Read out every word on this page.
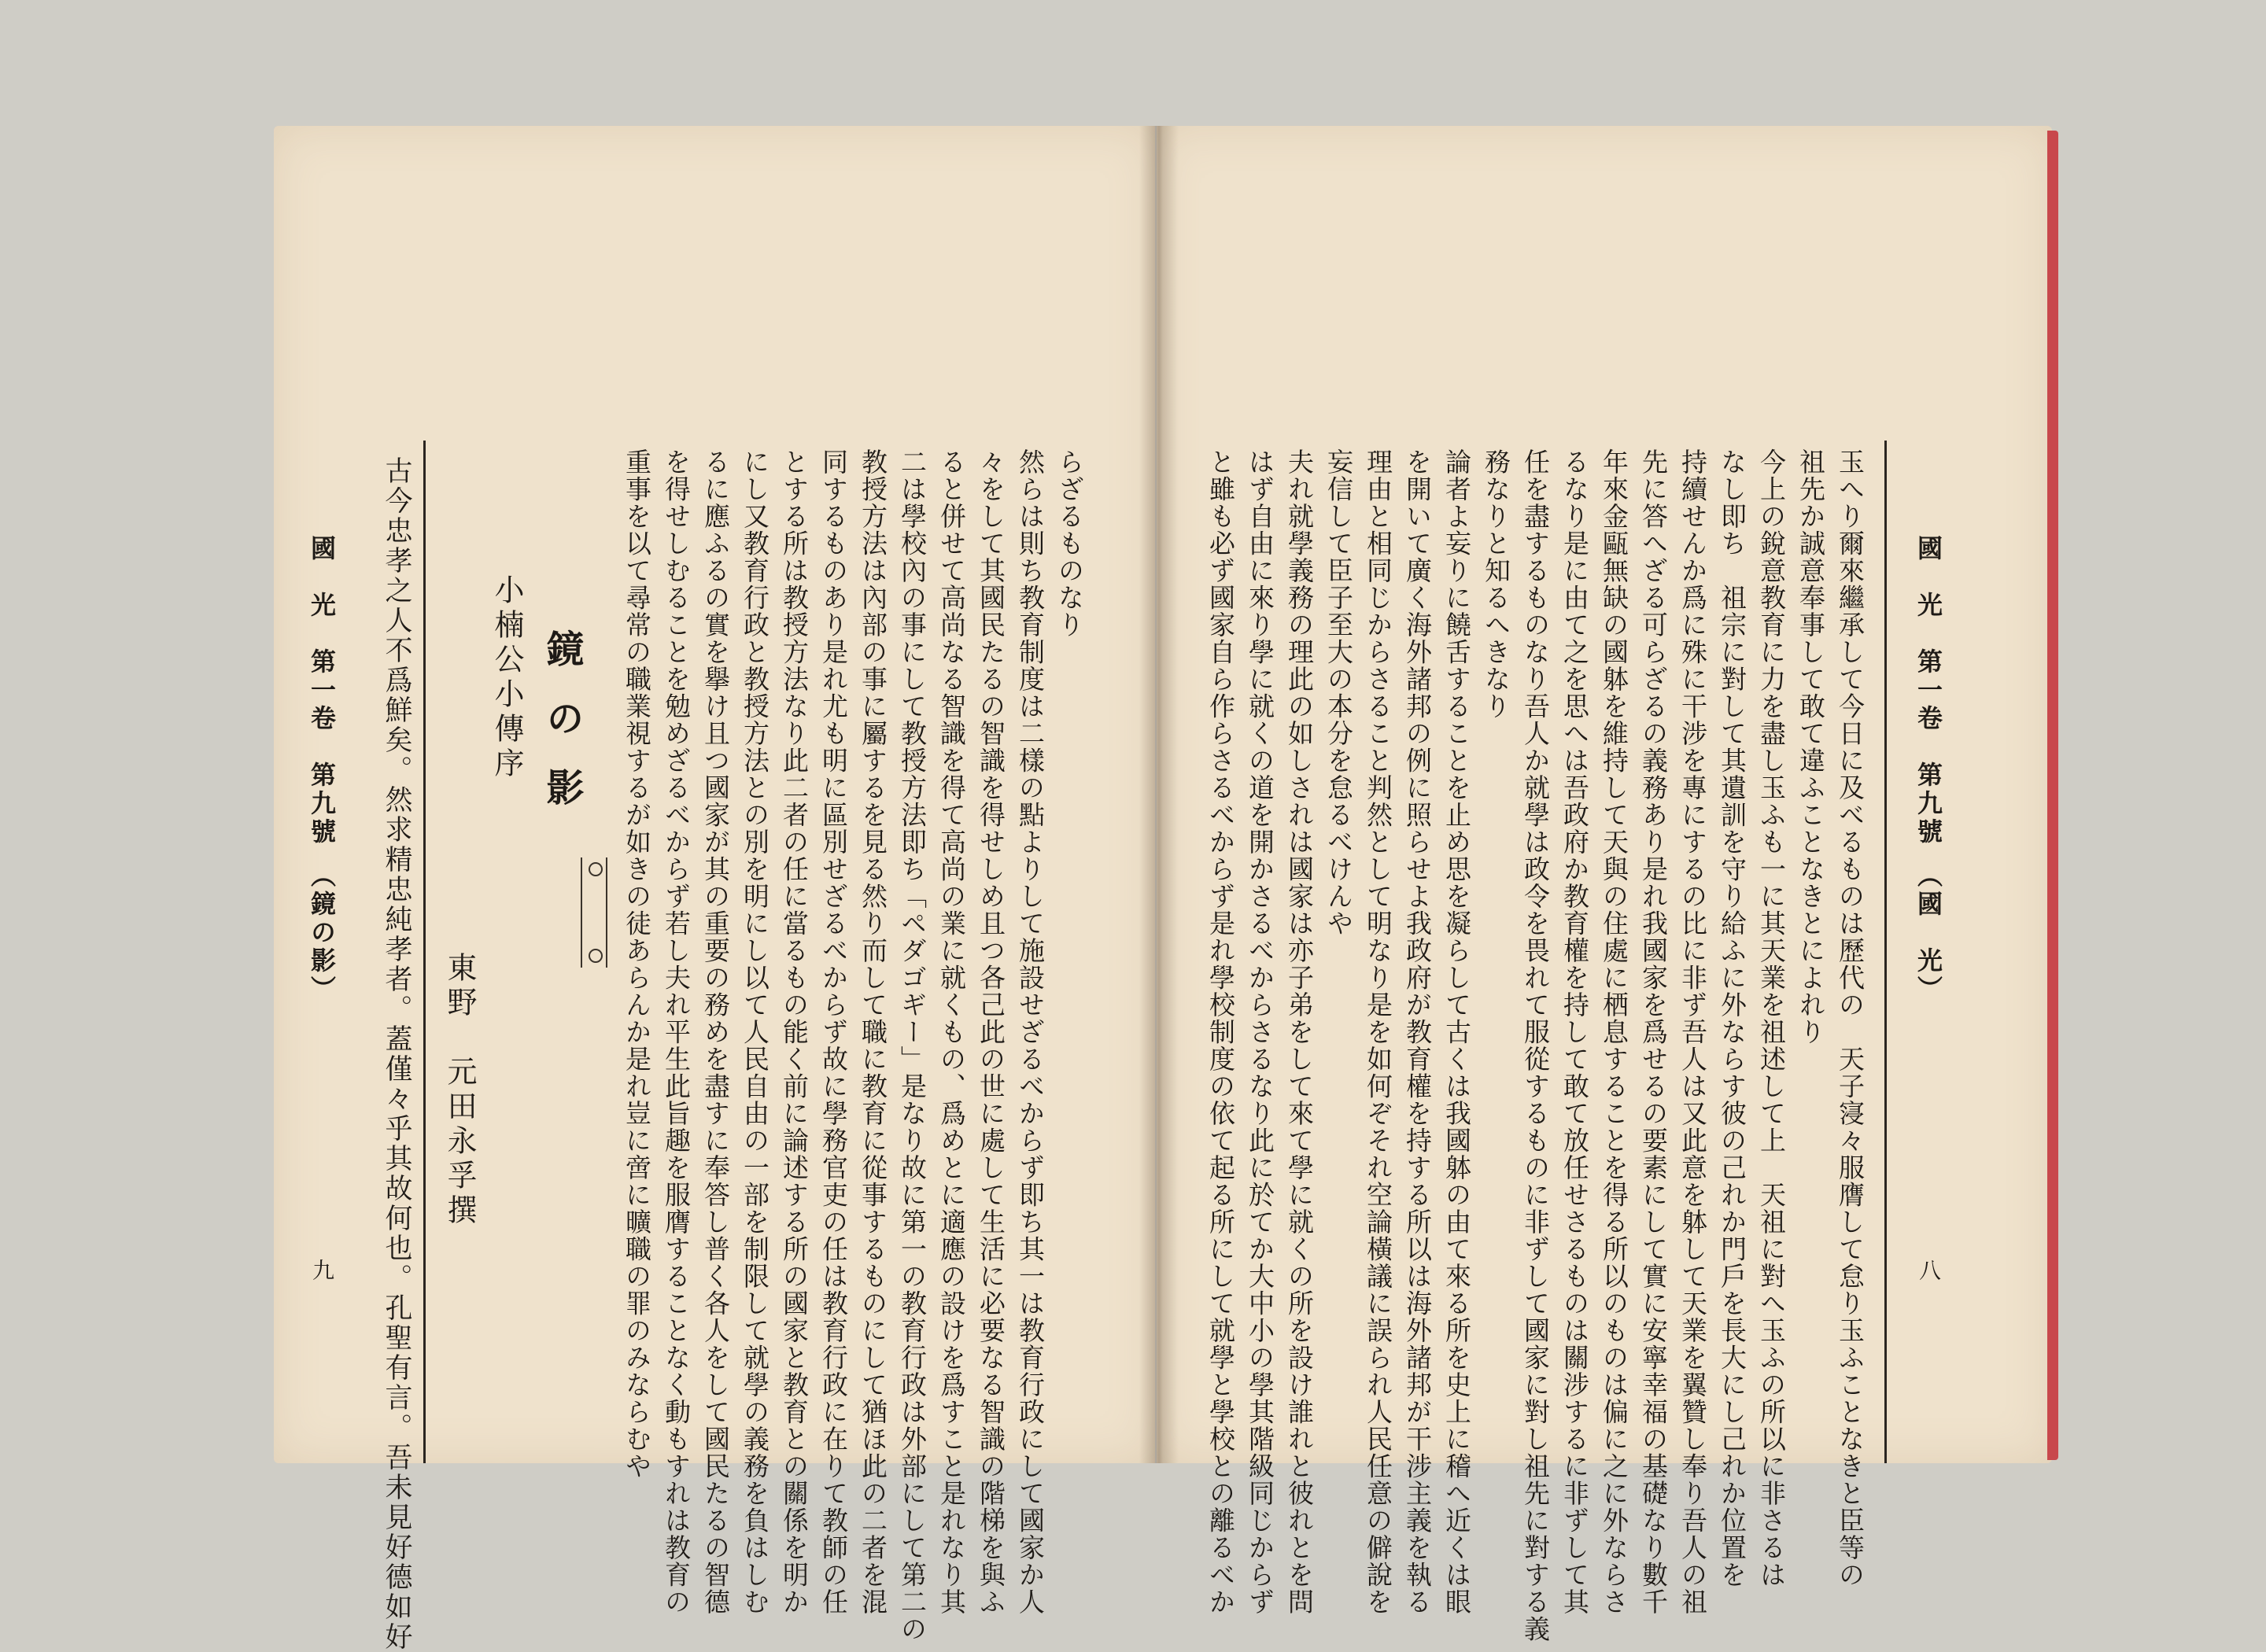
國　光　第一卷　第九號　（鏡の影）
九 古今忠孝之人不爲鮮矣。然求精忠純孝者。蓋僅々乎其故何也。孔聖有言。吾未見好德如好 東野　元田永孚撰
小楠公小傳序 鏡の影 重事を以て尋常の職業視するが如きの徒あらんか是れ豈に啻に曠職の罪のみならむや を得せしむることを勉めざるべからず若し夫れ平生此旨趣を服膺することなく動もすれは教育の るに應ふるの實を擧け且つ國家が其の重要の務めを盡すに奉答し普く各人をして國民たるの智德 にし又教育行政と教授方法との別を明にし以て人民自由の一部を制限して就學の義務を負はしむ とする所は教授方法なり此二者の任に當るもの能く前に論述する所の國家と教育との關係を明か 同するものあり是れ尤も明に區別せざるべからず故に學務官吏の任は教育行政に在りて教師の任 教授方法は內部の事に屬するを見る然り而して職に教育に從事するものにして猶ほ此の二者を混 二は學校內の事にして教授方法即ち「ペダゴギー」是なり故に第一の教育行政は外部にして第二の ると併せて高尚なる智識を得て高尚の業に就くもの、爲めとに適應の設けを爲すこと是れなり其 々をして其國民たるの智識を得せしめ且つ各己此の世に處して生活に必要なる智識の階梯を與ふ 然らは則ち教育制度は二樣の點よりして施設せざるべからず即ち其一は教育行政にして國家か人 らざるものなり	と雖も必ず國家自ら作らさるべからず是れ學校制度の依て起る所にして就學と學校との離るべか はず自由に來り學に就くの道を開かさるべからさるなり此に於てか大中小の學其階級同じからず 夫れ就學義務の理此の如しされは國家は亦子弟をして來て學に就くの所を設け誰れと彼れとを問 妄信して臣子至大の本分を怠るべけんや 理由と相同じからさること判然として明なり是を如何ぞそれ空論橫議に誤られ人民任意の僻說を を開いて廣く海外諸邦の例に照らせよ我政府が教育權を持する所以は海外諸邦が干涉主義を執る 論者よ妄りに饒舌することを止め思を凝らして古くは我國躰の由て來る所を史上に稽へ近くは眼 務なりと知るへきなり 任を盡するものなり吾人か就學は政令を畏れて服從するものに非ずして國家に對し祖先に對する義 るなり是に由て之を思へは吾政府か教育權を持して敢て放任せさるものは關涉するに非ずして其 年來金甌無缺の國躰を維持して天與の住處に栖息することを得る所以のものは偏に之に外ならさ 先に答へざる可らざるの義務あり是れ我國家を爲せるの要素にして實に安寧幸福の基礎なり數千 持續せんか爲に殊に干涉を專にするの比に非ず吾人は又此意を躰して天業を翼贊し奉り吾人の祖 なし即ち　祖宗に對して其遺訓を守り給ふに外ならす彼の己れか門戶を長大にし己れか位置を 今上の銳意教育に力を盡し玉ふも一に其天業を祖述して上　天祖に對へ玉ふの所以に非さるは 祖先か誠意奉事して敢て違ふことなきとによれり 玉へり爾來繼承して今日に及べるものは歷代の　天子寖々服膺して怠り玉ふことなきと臣等の 國　光　第一卷　第九號　（國　光）
八
